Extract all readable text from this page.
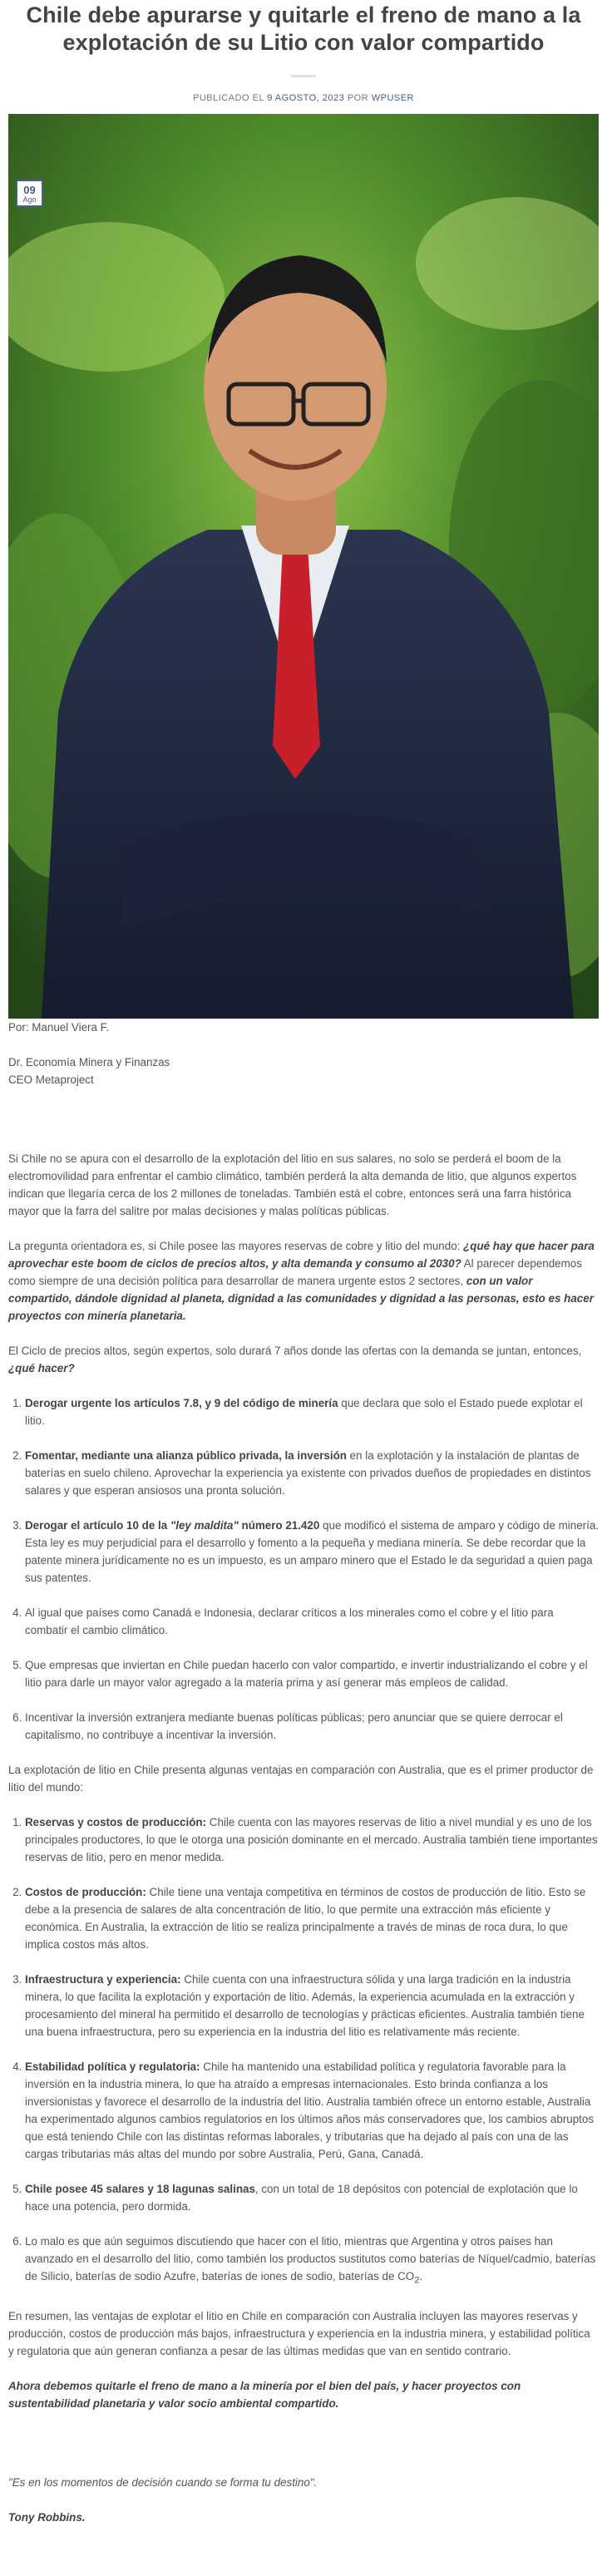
Chile debe apurarse y quitarle el freno de mano a la explotación de su Litio con valor compartido
PUBLICADO EL 9 AGOSTO, 2023 POR WPUSER
09
Ago

Por: Manuel Viera F.

Dr. Economía Minera y Finanzas
CEO Metaproject

Si Chile no se apura con el desarrollo de la explotación del litio en sus salares, no solo se perderá el boom de la electromovilidad para enfrentar el cambio climático, también perderá la alta demanda de litio, que algunos expertos indican que llegaría cerca de los 2 millones de toneladas. También está el cobre, entonces será una farra histórica mayor que la farra del salitre por malas decisiones y malas políticas públicas.

La pregunta orientadora es, si Chile posee las mayores reservas de cobre y litio del mundo: ¿qué hay que hacer para aprovechar este boom de ciclos de precios altos, y alta demanda y consumo al 2030? Al parecer dependemos como siempre de una decisión política para desarrollar de manera urgente estos 2 sectores, con un valor compartido, dándole dignidad al planeta, dignidad a las comunidades y dignidad a las personas, esto es hacer proyectos con minería planetaria.

El Ciclo de precios altos, según expertos, solo durará 7 años donde las ofertas con la demanda se juntan, entonces, ¿qué hacer?

1. Derogar urgente los artículos 7.8, y 9 del código de minería que declara que solo el Estado puede explotar el litio.
2. Fomentar, mediante una alianza público privada, la inversión en la explotación y la instalación de plantas de baterías en suelo chileno. Aprovechar la experiencia ya existente con privados dueños de propiedades en distintos salares y que esperan ansiosos una pronta solución.
3. Derogar el artículo 10 de la "ley maldita" número 21.420 que modificó el sistema de amparo y código de minería. Esta ley es muy perjudicial para el desarrollo y fomento a la pequeña y mediana minería. Se debe recordar que la patente minera jurídicamente no es un impuesto, es un amparo minero que el Estado le da seguridad a quien paga sus patentes.
4. Al igual que países como Canadá e Indonesia, declarar críticos a los minerales como el cobre y el litio para combatir el cambio climático.
5. Que empresas que inviertan en Chile puedan hacerlo con valor compartido, e invertir industrializando el cobre y el litio para darle un mayor valor agregado a la materia prima y así generar más empleos de calidad.
6. Incentivar la inversión extranjera mediante buenas políticas públicas; pero anunciar que se quiere derrocar el capitalismo, no contribuye a incentivar la inversión.

La explotación de litio en Chile presenta algunas ventajas en comparación con Australia, que es el primer productor de litio del mundo:

1. Reservas y costos de producción: Chile cuenta con las mayores reservas de litio a nivel mundial y es uno de los principales productores, lo que le otorga una posición dominante en el mercado. Australia también tiene importantes reservas de litio, pero en menor medida.
2. Costos de producción: Chile tiene una ventaja competitiva en términos de costos de producción de litio. Esto se debe a la presencia de salares de alta concentración de litio, lo que permite una extracción más eficiente y económica. En Australia, la extracción de litio se realiza principalmente a través de minas de roca dura, lo que implica costos más altos.
3. Infraestructura y experiencia: Chile cuenta con una infraestructura sólida y una larga tradición en la industria minera, lo que facilita la explotación y exportación de litio. Además, la experiencia acumulada en la extracción y procesamiento del mineral ha permitido el desarrollo de tecnologías y prácticas eficientes. Australia también tiene una buena infraestructura, pero su experiencia en la industria del litio es relativamente más reciente.
4. Estabilidad política y regulatoria: Chile ha mantenido una estabilidad política y regulatoria favorable para la inversión en la industria minera, lo que ha atraído a empresas internacionales. Esto brinda confianza a los inversionistas y favorece el desarrollo de la industria del litio. Australia también ofrece un entorno estable, Australia ha experimentado algunos cambios regulatorios en los últimos años más conservadores que, los cambios abruptos que está teniendo Chile con las distintas reformas laborales, y tributarias que ha dejado al país con una de las cargas tributarias más altas del mundo por sobre Australia, Perú, Gana, Canadá.
5. Chile posee 45 salares y 18 lagunas salinas, con un total de 18 depósitos con potencial de explotación que lo hace una potencia, pero dormida.
6. Lo malo es que aún seguimos discutiendo que hacer con el litio, mientras que Argentina y otros países han avanzado en el desarrollo del litio, como también los productos sustitutos como baterías de Níquel/cadmio, baterías de Silicio, baterías de sodio Azufre, baterías de iones de sodio, baterías de $CO_2$.

En resumen, las ventajas de explotar el litio en Chile en comparación con Australia incluyen las mayores reservas y producción, costos de producción más bajos, infraestructura y experiencia en la industria minera, y estabilidad política y regulatoria que aún generan confianza a pesar de las últimas medidas que van en sentido contrario.

Ahora debemos quitarle el freno de mano a la minería por el bien del país, y hacer proyectos con sustentabilidad planetaria y valor socio ambiental compartido.

"Es en los momentos de decisión cuando se forma tu destino".

Tony Robbins.
